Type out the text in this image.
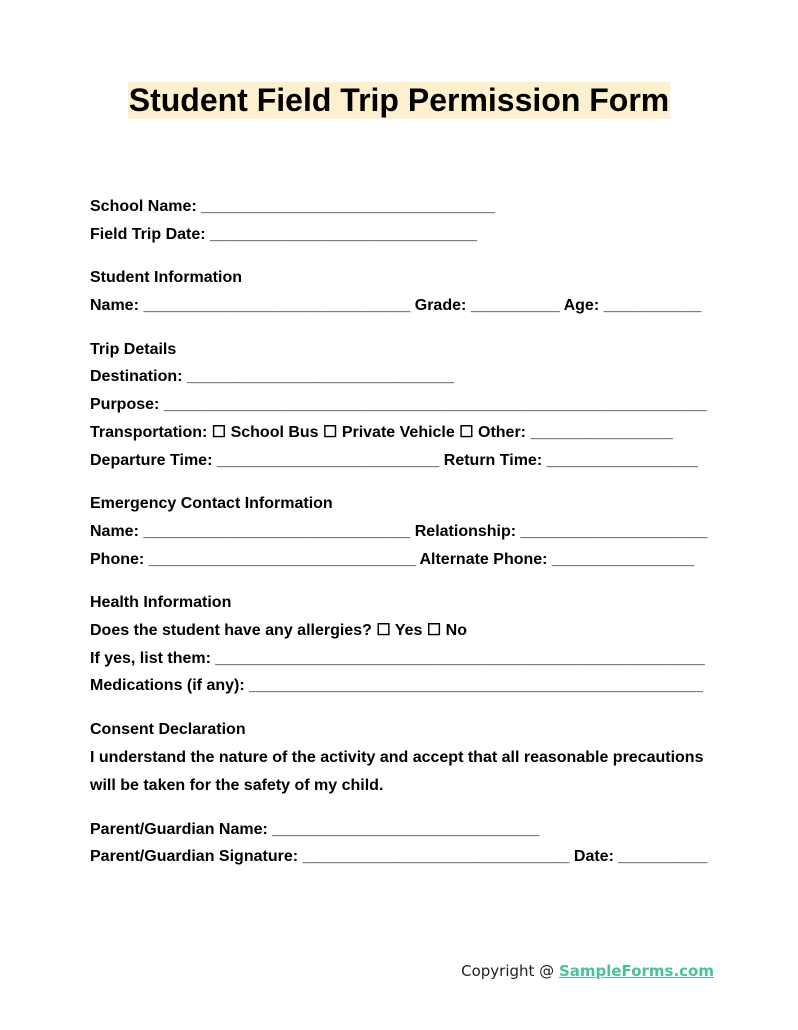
Student Field Trip Permission Form
School Name: _________________________________
Field Trip Date: ______________________________
Student Information
Name: ______________________________ Grade: __________ Age: ___________
Trip Details
Destination: ______________________________
Purpose: _____________________________________________________________
Transportation: ☐ School Bus ☐ Private Vehicle ☐ Other: ________________
Departure Time: _________________________ Return Time: _________________
Emergency Contact Information
Name: ______________________________ Relationship: _____________________
Phone: ______________________________ Alternate Phone: ________________
Health Information
Does the student have any allergies? ☐ Yes ☐ No
If yes, list them: _______________________________________________________
Medications (if any): ___________________________________________________
Consent Declaration
I understand the nature of the activity and accept that all reasonable precautions will be taken for the safety of my child.
Parent/Guardian Name: ______________________________
Parent/Guardian Signature: ______________________________ Date: __________
Copyright @ SampleForms.com
